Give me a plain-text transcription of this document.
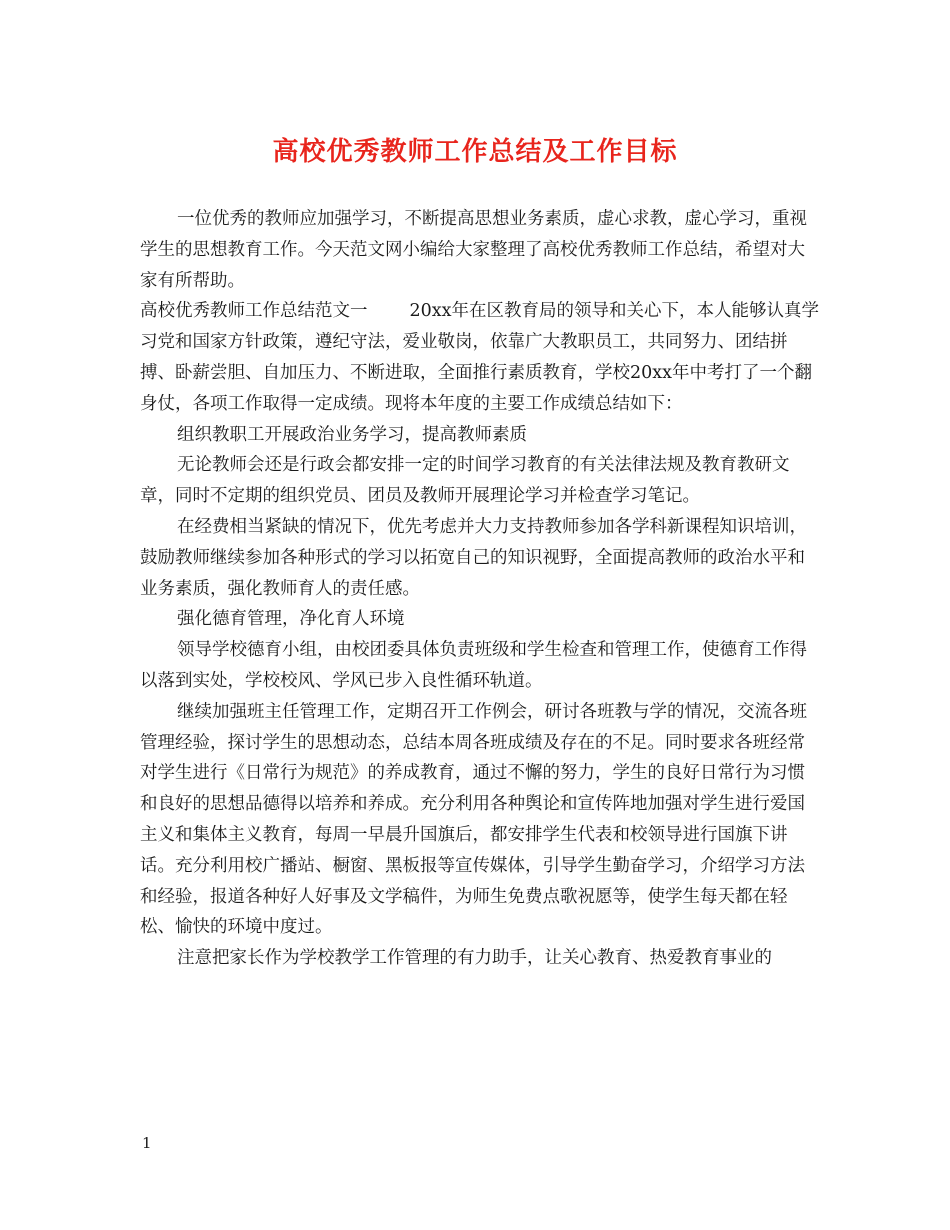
高校优秀教师工作总结及工作目标

一位优秀的教师应加强学习，不断提高思想业务素质，虚心求教，虚心学习，重视学生的思想教育工作。今天范文网小编给大家整理了高校优秀教师工作总结，希望对大家有所帮助。

高校优秀教师工作总结范文一 20xx年在区教育局的领导和关心下，本人能够认真学习党和国家方针政策，遵纪守法，爱业敬岗，依靠广大教职员工，共同努力、团结拼搏、卧薪尝胆、自加压力、不断进取，全面推行素质教育，学校20xx年中考打了一个翻身仗，各项工作取得一定成绩。现将本年度的主要工作成绩总结如下：

组织教职工开展政治业务学习，提高教师素质

无论教师会还是行政会都安排一定的时间学习教育的有关法律法规及教育教研文章，同时不定期的组织党员、团员及教师开展理论学习并检查学习笔记。

在经费相当紧缺的情况下，优先考虑并大力支持教师参加各学科新课程知识培训，鼓励教师继续参加各种形式的学习以拓宽自己的知识视野，全面提高教师的政治水平和业务素质，强化教师育人的责任感。

强化德育管理，净化育人环境

领导学校德育小组，由校团委具体负责班级和学生检查和管理工作，使德育工作得以落到实处，学校校风、学风已步入良性循环轨道。

继续加强班主任管理工作，定期召开工作例会，研讨各班教与学的情况，交流各班管理经验，探讨学生的思想动态，总结本周各班成绩及存在的不足。同时要求各班经常对学生进行《日常行为规范》的养成教育，通过不懈的努力，学生的良好日常行为习惯和良好的思想品德得以培养和养成。充分利用各种舆论和宣传阵地加强对学生进行爱国主义和集体主义教育，每周一早晨升国旗后，都安排学生代表和校领导进行国旗下讲话。充分利用校广播站、橱窗、黑板报等宣传媒体，引导学生勤奋学习，介绍学习方法和经验，报道各种好人好事及文学稿件，为师生免费点歌祝愿等，使学生每天都在轻松、愉快的环境中度过。

注意把家长作为学校教学工作管理的有力助手，让关心教育、热爱教育事业的

1
